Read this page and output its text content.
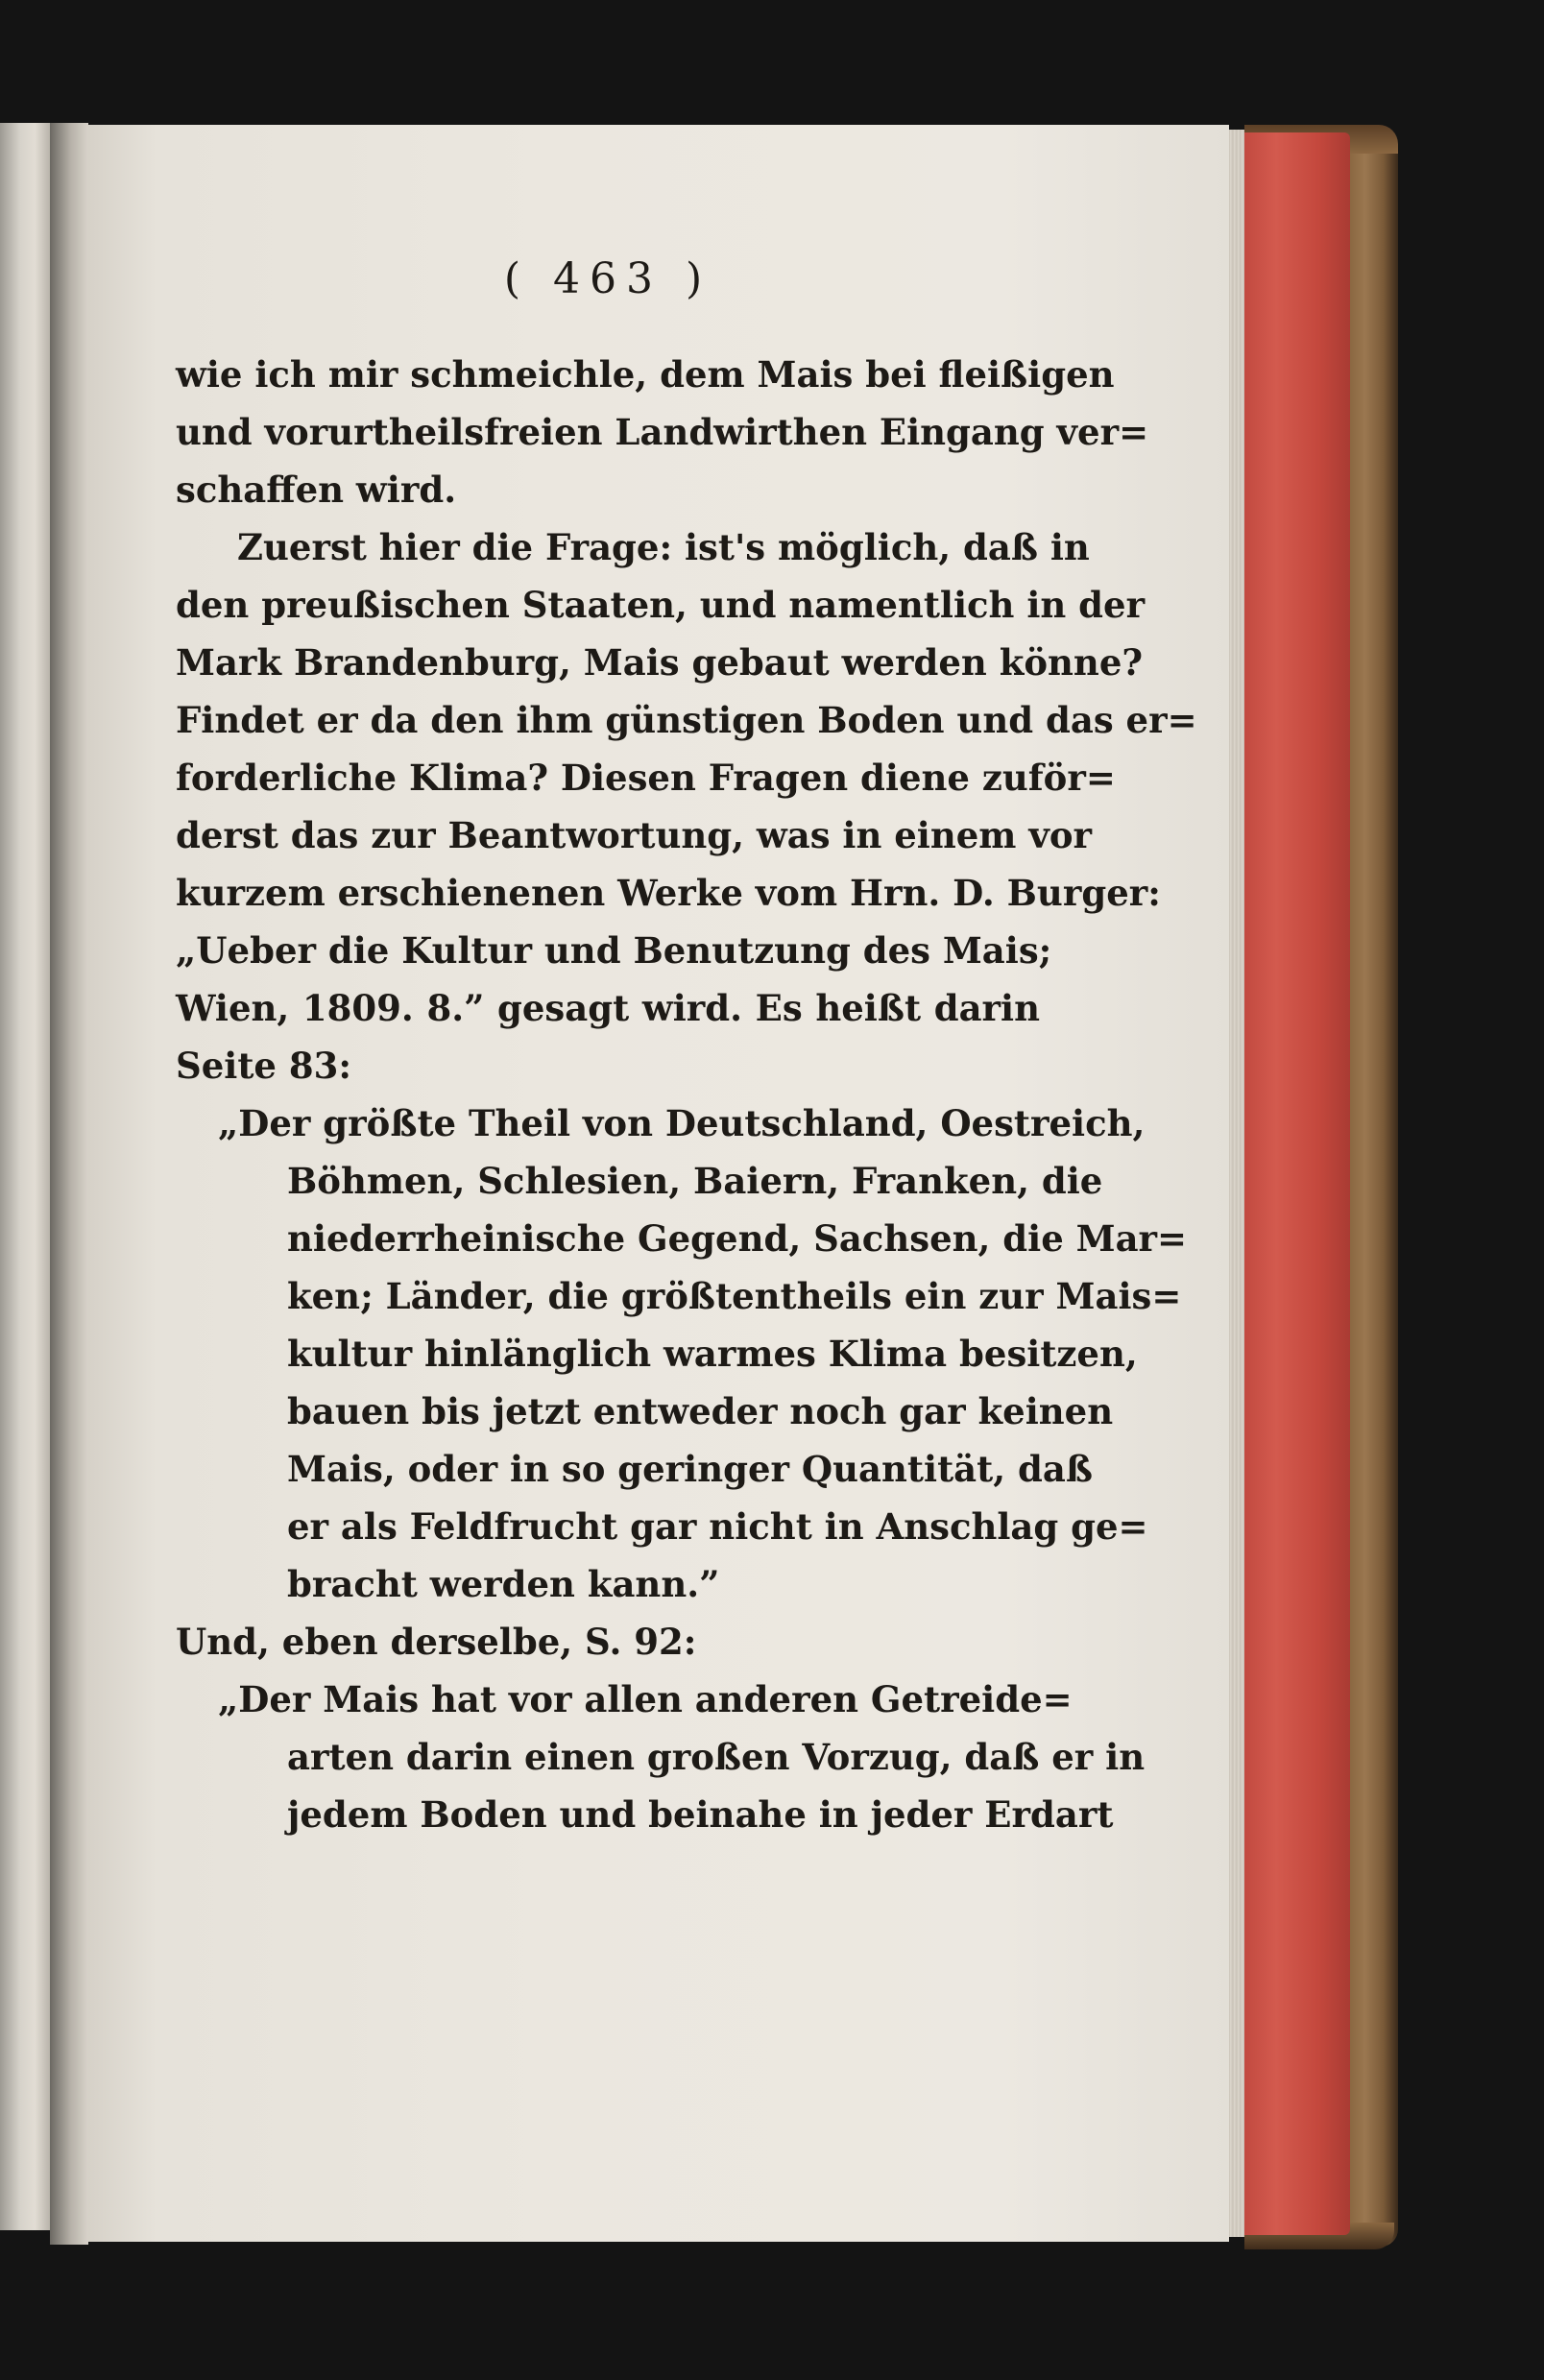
( 463 )
wie ich mir schmeichle, dem Mais bei fleißigen
und vorurtheilsfreien Landwirthen Eingang ver=
schaffen wird.
Zuerst hier die Frage: ist's möglich, daß in
den preußischen Staaten, und namentlich in der
Mark Brandenburg, Mais gebaut werden könne?
Findet er da den ihm günstigen Boden und das er=
forderliche Klima? Diesen Fragen diene zuför=
derst das zur Beantwortung, was in einem vor
kurzem erschienenen Werke vom Hrn. D. Burger:
„Ueber die Kultur und Benutzung des Mais;
Wien, 1809. 8.” gesagt wird. Es heißt darin
Seite 83:
„Der größte Theil von Deutschland, Oestreich,
Böhmen, Schlesien, Baiern, Franken, die
niederrheinische Gegend, Sachsen, die Mar=
ken; Länder, die größtentheils ein zur Mais=
kultur hinlänglich warmes Klima besitzen,
bauen bis jetzt entweder noch gar keinen
Mais, oder in so geringer Quantität, daß
er als Feldfrucht gar nicht in Anschlag ge=
bracht werden kann.”
Und, eben derselbe, S. 92:
„Der Mais hat vor allen anderen Getreide=
arten darin einen großen Vorzug, daß er in
jedem Boden und beinahe in jeder Erdart
